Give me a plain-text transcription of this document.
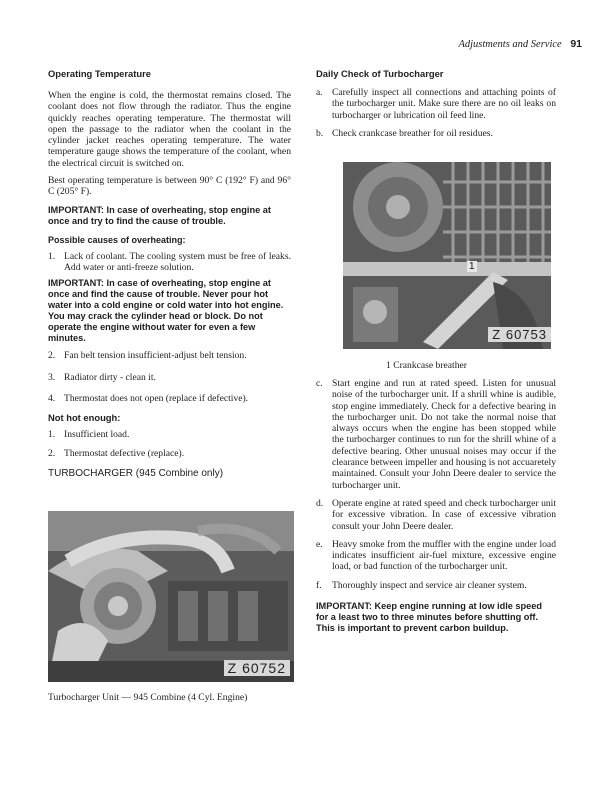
Adjustments and Service 91

Operating Temperature

When the engine is cold, the thermostat remains closed. The coolant does not flow through the radiator. Thus the engine quickly reaches operating temperature. The thermostat will open the passage to the radiator when the coolant in the cylinder jacket reaches operating temperature. The water temperature gauge shows the temperature of the coolant, when the electrical circuit is switched on.

Best operating temperature is between 90° C (192° F) and 96° C (205° F).

IMPORTANT: In case of overheating, stop engine at once and try to find the cause of trouble.

Possible causes of overheating:

1. Lack of coolant. The cooling system must be free of leaks. Add water or anti-freeze solution.

IMPORTANT: In case of overheating, stop engine at once and find the cause of trouble. Never pour hot water into a cold engine or cold water into hot engine. You may crack the cylinder head or block. Do not operate the engine without water for even a few minutes.

2. Fan belt tension insufficient-adjust belt tension.
3. Radiator dirty - clean it.
4. Thermostat does not open (replace if defective).

Not hot enough:

1. Insufficient load.
2. Thermostat defective (replace).

TURBOCHARGER (945 Combine only)

Z 60752
Turbocharger Unit — 945 Combine (4 Cyl. Engine)

Daily Check of Turbocharger

a. Carefully inspect all connections and attaching points of the turbocharger unit. Make sure there are no oil leaks on turbocharger or lubrication oil feed line.
b. Check crankcase breather for oil residues.
1
Z 60753
1 Crankcase breather
c. Start engine and run at rated speed. Listen for unusual noise of the turbocharger unit. If a shrill whine is audible, stop engine immediately. Check for a defective bearing in the turbocharger unit. Do not take the normal noise that always occurs when the engine has been stopped while the turbocharger continues to run for the shrill whine of a defective bearing. Other unusual noises may occur if the clearance between impeller and housing is not accuaretely maintained. Consult your John Deere dealer to service the turbocharger unit.
d. Operate engine at rated speed and check turbocharger unit for excessive vibration. In case of excessive vibration consult your John Deere dealer.
e. Heavy smoke from the muffler with the engine under load indicates insufficient air-fuel mixture, excessive engine load, or bad function of the turbocharger unit.
f.	Thoroughly inspect and service air cleaner system.

IMPORTANT: Keep engine running at low idle speed for a least two to three minutes before shutting off. This is important to prevent carbon buildup.
